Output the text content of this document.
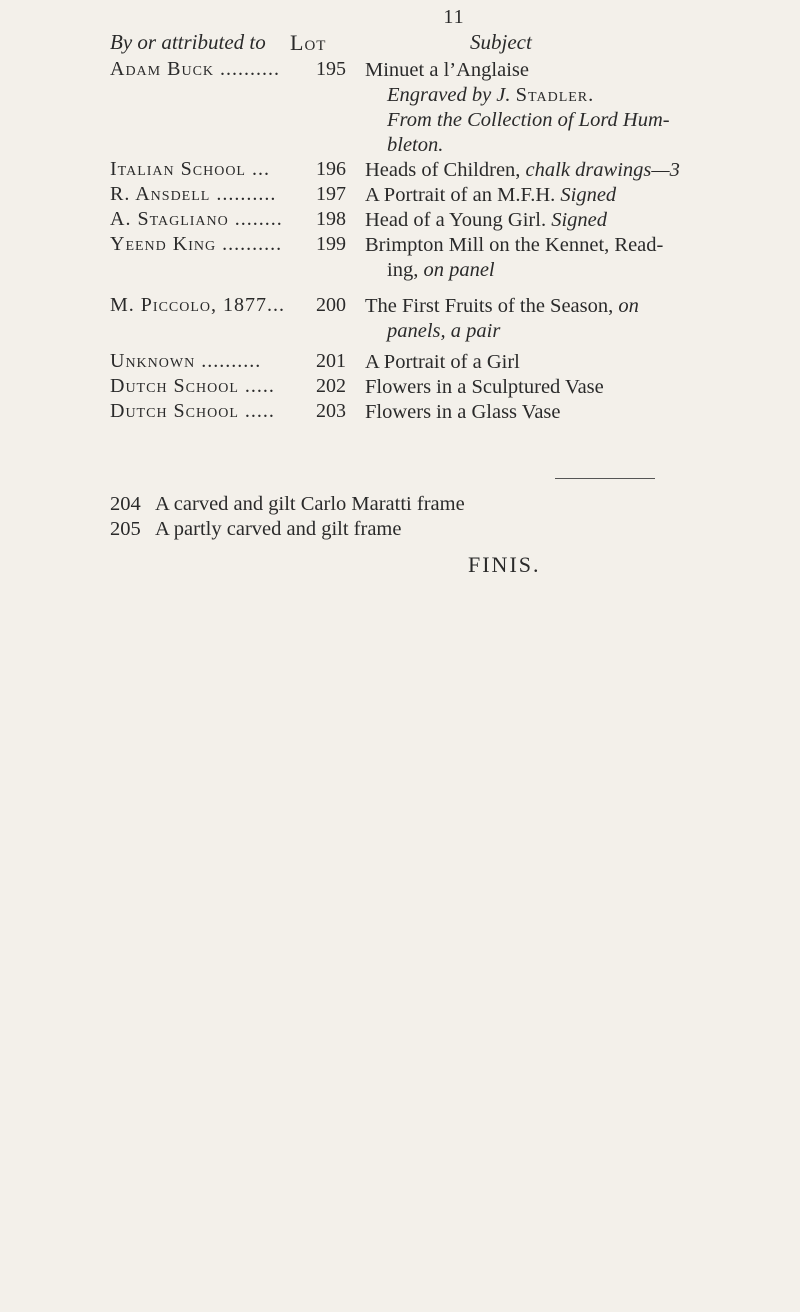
11
By or attributed to Lot	Subject
Adam Buck ..........	195 Minuet a l’Anglaise
Engraved by J. Stadler.
From the Collection of Lord Hum-
bleton.
Italian School ...	196 Heads of Children, chalk drawings—3
R. Ansdell ..........	197 A Portrait of an M.F.H. Signed
A. Stagliano ........	198 Head of a Young Girl. Signed
Yeend King ..........	199 Brimpton Mill on the Kennet, Read-
ing, on panel
M. Piccolo, 1877...	200 The First Fruits of the Season, on
panels, a pair
Unknown ..........	201 A Portrait of a Girl
Dutch School .....	202 Flowers in a Sculptured Vase
Dutch School .....	203 Flowers in a Glass Vase
204 A carved and gilt Carlo Maratti frame
205 A partly carved and gilt frame
FINIS.
